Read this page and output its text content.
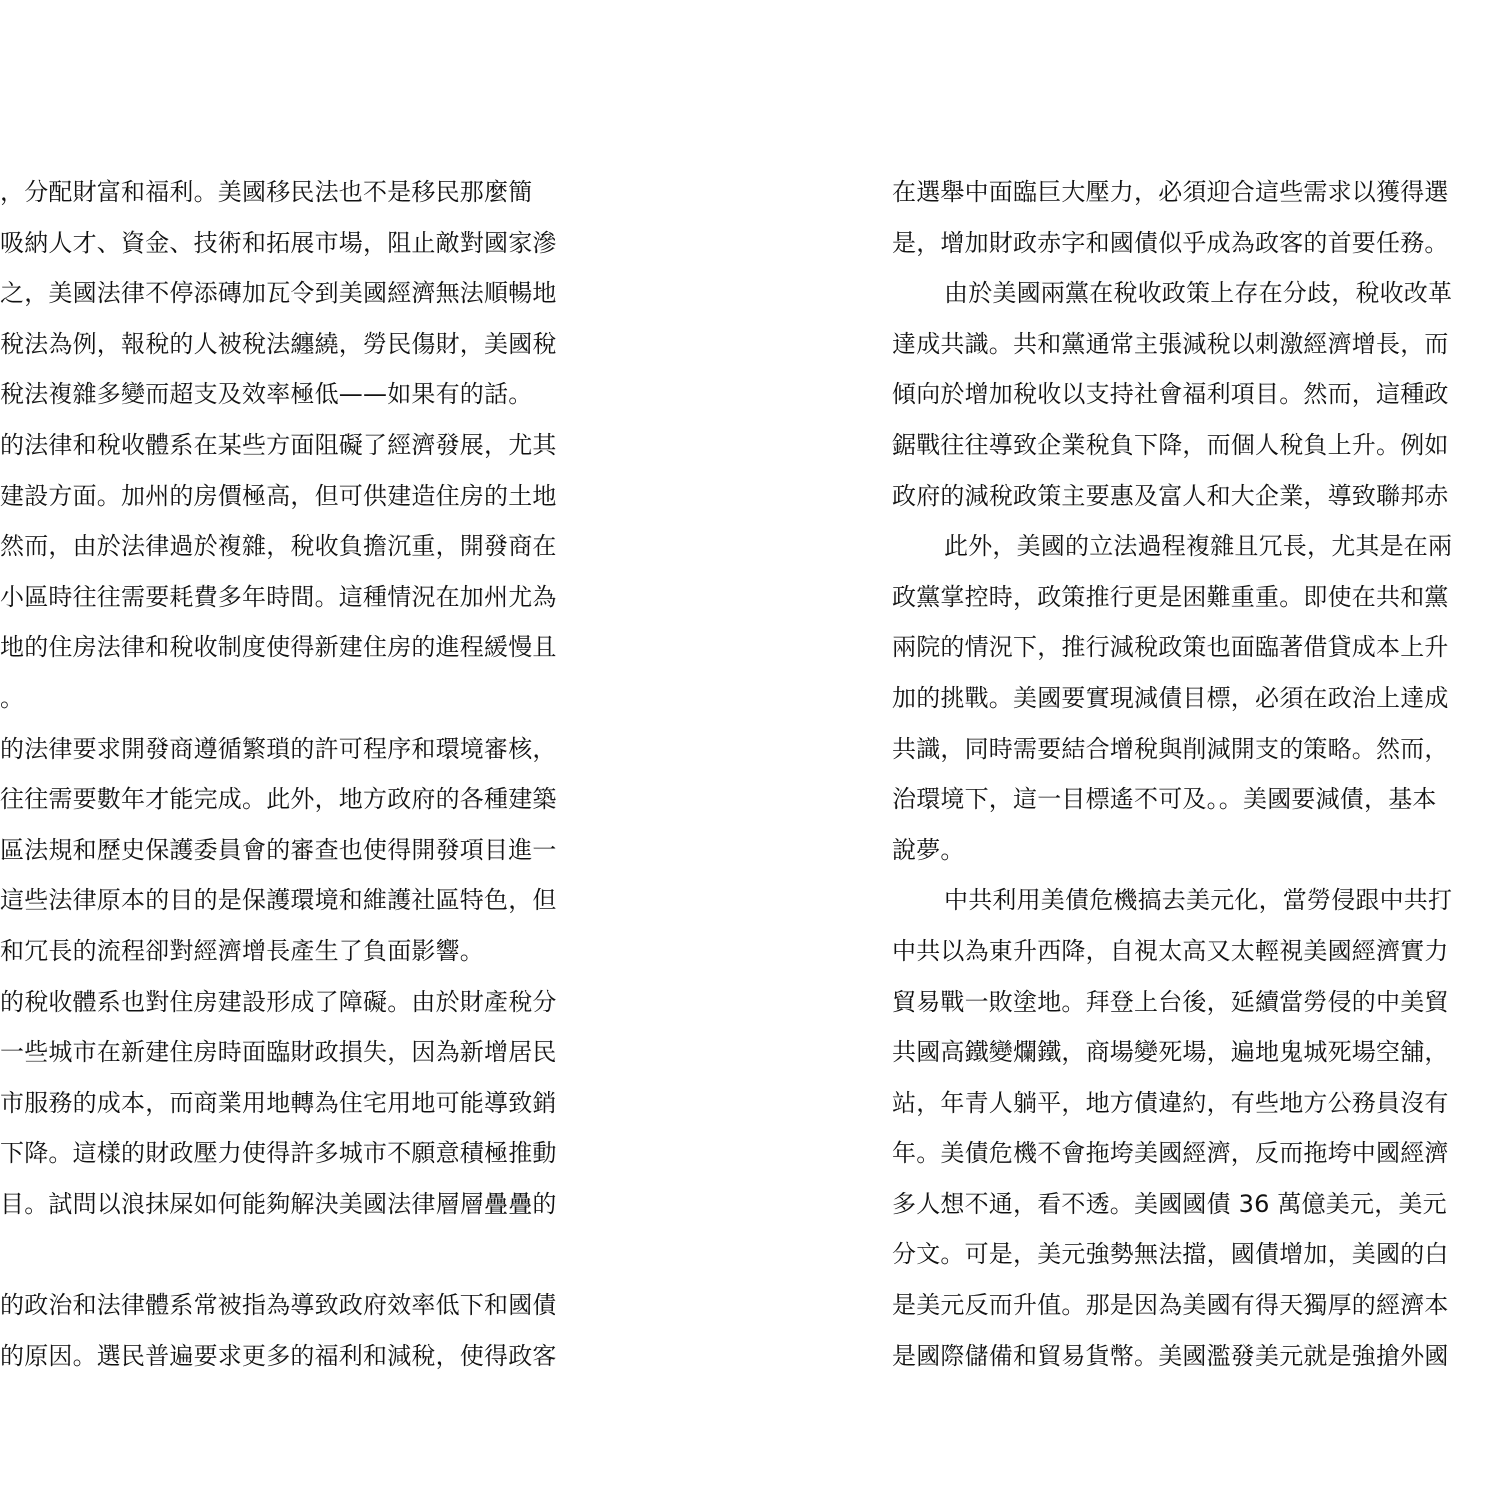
，分配財富和福利。美國移民法也不是移民那麼簡
吸納人才、資金、技術和拓展市場，阻止敵對國家滲
之，美國法律不停添磚加瓦令到美國經濟無法順暢地
稅法為例，報稅的人被稅法纏繞，勞民傷財，美國稅
稅法複雜多變而超支及效率極低——如果有的話。
的法律和稅收體系在某些方面阻礙了經濟發展，尤其
建設方面。加州的房價極高，但可供建造住房的土地
然而，由於法律過於複雜，稅收負擔沉重，開發商在
小區時往往需要耗費多年時間。這種情況在加州尤為
地的住房法律和稅收制度使得新建住房的進程緩慢且
。
的法律要求開發商遵循繁瑣的許可程序和環境審核，
往往需要數年才能完成。此外，地方政府的各種建築
區法規和歷史保護委員會的審查也使得開發項目進一
這些法律原本的目的是保護環境和維護社區特色，但
和冗長的流程卻對經濟增長產生了負面影響。
的稅收體系也對住房建設形成了障礙。由於財產稅分
一些城市在新建住房時面臨財政損失，因為新增居民
市服務的成本，而商業用地轉為住宅用地可能導致銷
下降。這樣的財政壓力使得許多城市不願意積極推動
目。試問以浪抹屎如何能夠解決美國法律層層疊疊的
的政治和法律體系常被指為導致政府效率低下和國債
的原因。選民普遍要求更多的福利和減稅，使得政客
在選舉中面臨巨大壓力，必須迎合這些需求以獲得選
是，增加財政赤字和國債似乎成為政客的首要任務。
由於美國兩黨在稅收政策上存在分歧，稅收改革
達成共識。共和黨通常主張減稅以刺激經濟增長，而
傾向於增加稅收以支持社會福利項目。然而，這種政
鋸戰往往導致企業稅負下降，而個人稅負上升。例如
政府的減稅政策主要惠及富人和大企業，導致聯邦赤
此外，美國的立法過程複雜且冗長，尤其是在兩
政黨掌控時，政策推行更是困難重重。即使在共和黨
兩院的情況下，推行減稅政策也面臨著借貸成本上升
加的挑戰。美國要實現減債目標，必須在政治上達成
共識，同時需要結合增稅與削減開支的策略。然而，
治環境下，這一目標遙不可及。。美國要減債，基本
說夢。
中共利用美債危機搞去美元化，當勞侵跟中共打
中共以為東升西降，自視太高又太輕視美國經濟實力
貿易戰一敗塗地。拜登上台後，延續當勞侵的中美貿
共國高鐵變爛鐵，商場變死場，遍地鬼城死場空舖，
站，年青人躺平，地方債違約，有些地方公務員沒有
年。美債危機不會拖垮美國經濟，反而拖垮中國經濟
多人想不通，看不透。美國國債 36 萬億美元，美元
分文。可是，美元強勢無法擋，國債增加，美國的白
是美元反而升值。那是因為美國有得天獨厚的經濟本
是國際儲備和貿易貨幣。美國濫發美元就是強搶外國
